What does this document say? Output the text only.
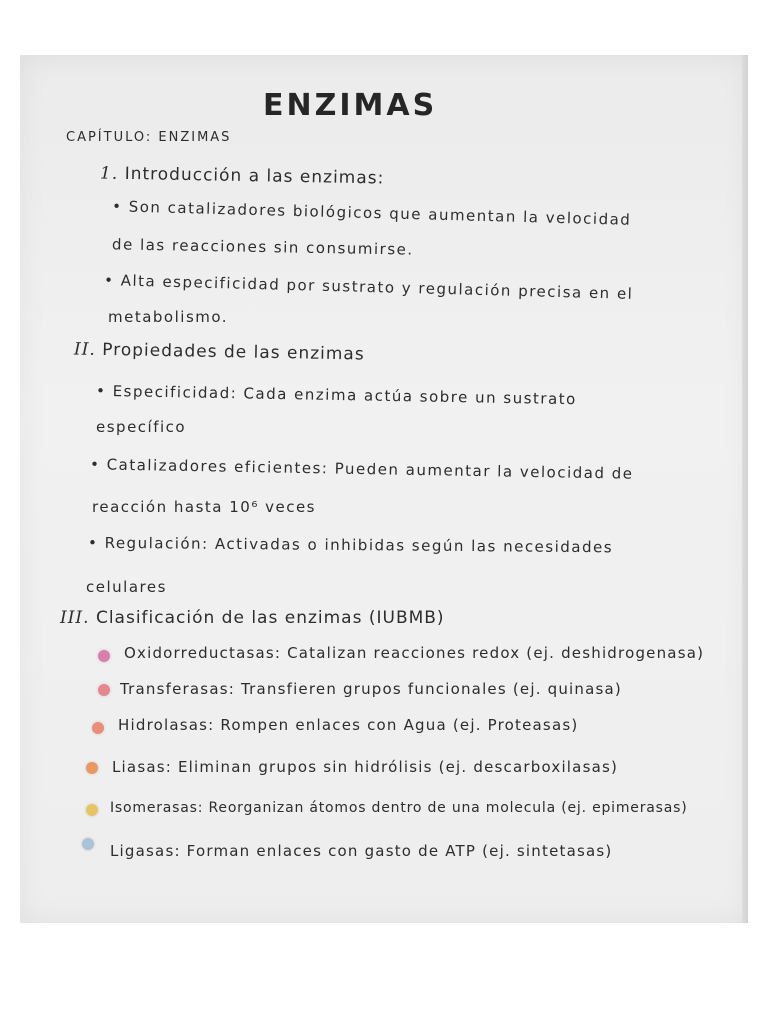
ENZIMAS
CAPÍTULO: ENZIMAS
1. Introducción a las enzimas:
• Son catalizadores biológicos que aumentan la velocidad
de las reacciones sin consumirse.
• Alta especificidad por sustrato y regulación precisa en el
metabolismo.
II. Propiedades de las enzimas
• Especificidad: Cada enzima actúa sobre un sustrato
específico
• Catalizadores eficientes: Pueden aumentar la velocidad de
reacción hasta 10⁶ veces
• Regulación: Activadas o inhibidas según las necesidades
celulares
III. Clasificación de las enzimas (IUBMB)
Oxidorreductasas: Catalizan reacciones redox (ej. deshidrogenasa)
Transferasas: Transfieren grupos funcionales (ej. quinasa)
Hidrolasas: Rompen enlaces con Agua (ej. Proteasas)
Liasas: Eliminan grupos sin hidrólisis (ej. descarboxilasas)
Isomerasas: Reorganizan átomos dentro de una molecula (ej. epimerasas)
Ligasas: Forman enlaces con gasto de ATP (ej. sintetasas)
